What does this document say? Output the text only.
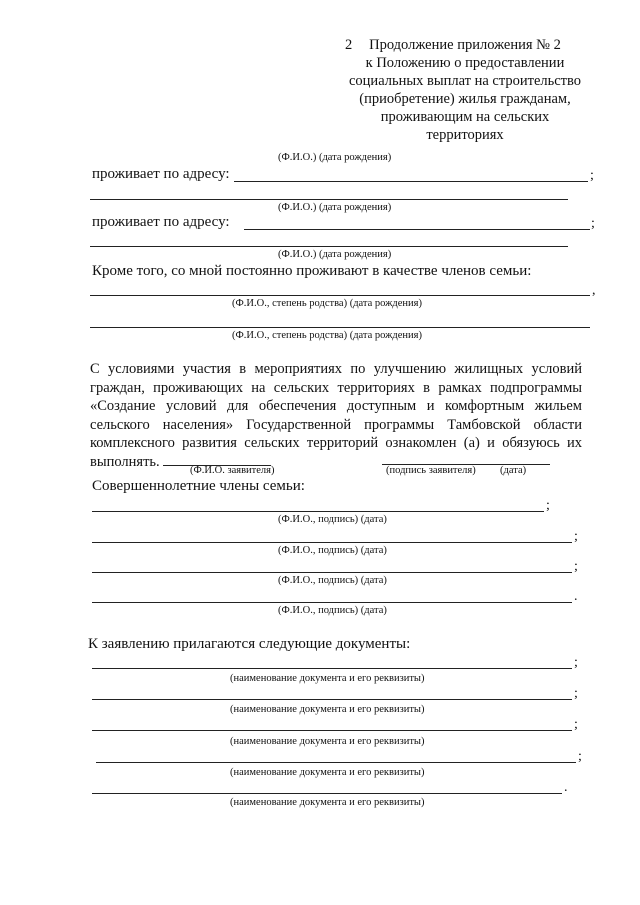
2	Продолжение приложения № 2
к Положению о предоставлении
социальных выплат на строительство
(приобретение) жилья гражданам,
проживающим на сельских
территориях
(Ф.И.О.) (дата рождения)
проживает по адресу:	;
(Ф.И.О.) (дата рождения)
проживает по адресу:	;
(Ф.И.О.) (дата рождения)
Кроме того, со мной постоянно проживают в качестве членов семьи:
,
(Ф.И.О., степень родства) (дата рождения)
(Ф.И.О., степень родства) (дата рождения)
С условиями участия в мероприятиях по улучшению жилищных условий граждан, проживающих на сельских территориях в рамках подпрограммы «Создание условий для обеспечения доступным и комфортным жильем сельского населения» Государственной программы Тамбовской области комплексного развития сельских территорий ознакомлен (а) и обязуюсь их выполнять.
(Ф.И.О. заявителя)	(подпись заявителя) (дата)
Совершеннолетние члены семьи:
;
(Ф.И.О., подпись) (дата)
;
(Ф.И.О., подпись) (дата)
;
(Ф.И.О., подпись) (дата)
.
(Ф.И.О., подпись) (дата)
К заявлению прилагаются следующие документы:
;
(наименование документа и его реквизиты)
;
(наименование документа и его реквизиты)
;
(наименование документа и его реквизиты)
;
(наименование документа и его реквизиты)
.
(наименование документа и его реквизиты)
